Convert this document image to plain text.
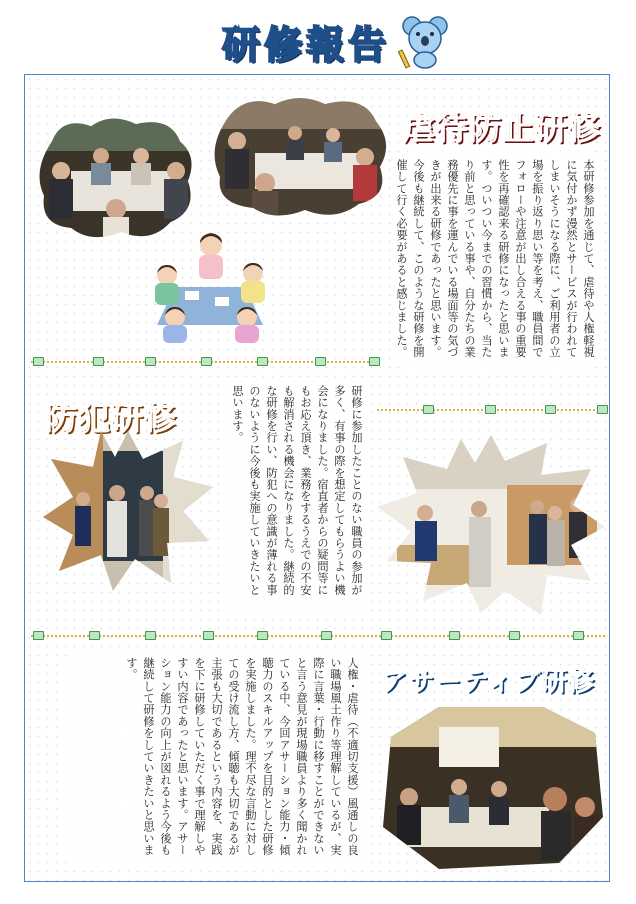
研修報告
虐待防止研修
本研修参加を通じて、虐待や人権軽視に気付かず漫然とサービスが行われてしまいそうになる際に、ご利用者の立場を振り返り思い等を考え、職員間でフォローや注意が出し合える事の重要性を再確認来る研修になったと思います。ついつい今までの習慣から、当たり前と思っている事や、自分たちの業務優先に事を運んでいる場面等の気づきが出来る研修であったと思います。今後も継続して、このような研修を開催して行く必要があると感じました。
防犯研修	研修に参加したことのない職員の参加が多く、有事の際を想定してもらうよい機会になりました。宿直者からの疑問等にもお応え頂き、業務をするうえでの不安も解消される機会になりました。継続的な研修を行い、防犯への意識が薄れる事のないように今後も実施していきたいと思います。
アサーティブ研修
人権・虐待（不適切支援）風通しの良い職場風土作り等理解しているが、実際に言葉・行動に移すことができないと言う意見が現場職員より多く聞かれている中、今回アサーション能力・傾聴力のスキルアップを目的とした研修を実施しました。理不尽な言動に対しての受け流し方、傾聴も大切であるが主張も大切であるという内容を、実践を下に研修していただく事で理解しやすい内容であったと思います。アサーション能力の向上が図れるよう今後も継続して研修をしていきたいと思います。
